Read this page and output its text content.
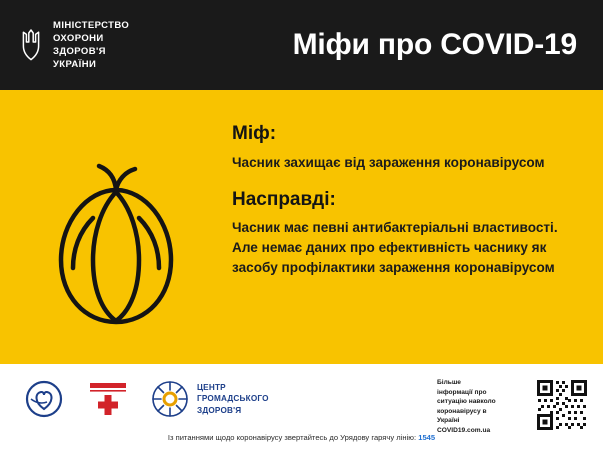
МІНІСТЕРСТВО
ОХОРОНИ
ЗДОРОВ'Я
УКРАЇНИ
Міфи про COVID-19
Міф:
Часник захищає від зараження коронавірусом
Насправді:
Часник має певні антибактеріальні властивості. Але немає даних про ефективність часнику як засобу профілактики зараження коронавірусом
ЦЕНТР
ГРОМАДСЬКОГО
ЗДОРОВ'Я
Більше
інформації про
ситуацію навколо
коронавірусу в
Україні
COVID19.com.ua
Із питаннями щодо коронавірусу звертайтесь до Урядову гарячу лінію: 1545
